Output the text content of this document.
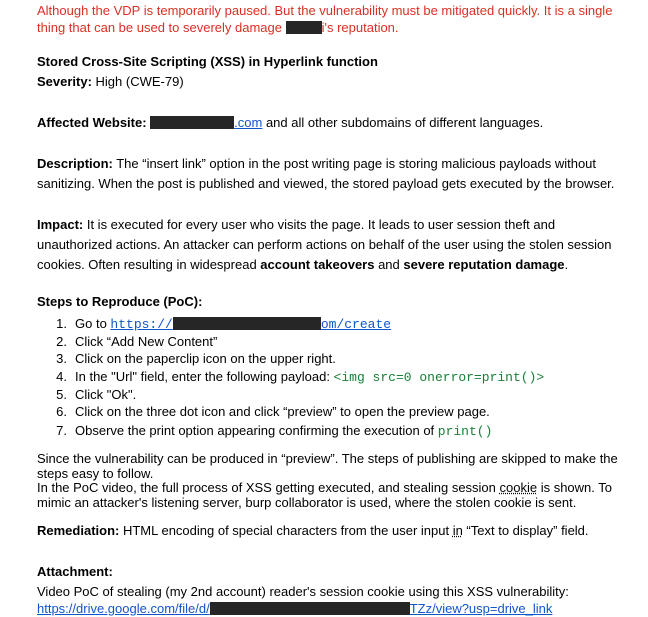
Although the VDP is temporarily paused. But the vulnerability must be mitigated quickly. It is a single
thing that can be used to severely damage	i's reputation.
Stored Cross-Site Scripting (XSS) in Hyperlink function
Severity: High (CWE-79)
Affected Website:	.com and all other subdomains of different languages.
Description: The “insert link” option in the post writing page is storing malicious payloads without
sanitizing. When the post is published and viewed, the stored payload gets executed by the browser.
Impact: It is executed for every user who visits the page. It leads to user session theft and
unauthorized actions. An attacker can perform actions on behalf of the user using the stolen session
cookies. Often resulting in widespread account takeovers and severe reputation damage.
Steps to Reproduce (PoC):
1. Go to https://	om/create
2. Click “Add New Content”
3. Click on the paperclip icon on the upper right.
4. In the "Url" field, enter the following payload: <img src=0 onerror=print()>
5. Click "Ok".
6. Click on the three dot icon and click “preview” to open the preview page.
7. Observe the print option appearing confirming the execution of print()
Since the vulnerability can be produced in “preview”. The steps of publishing are skipped to make the
steps easy to follow.
In the PoC video, the full process of XSS getting executed, and stealing session cookie is shown. To
mimic an attacker's listening server, burp collaborator is used, where the stolen cookie is sent.
Remediation: HTML encoding of special characters from the user input in “Text to display” field.
Attachment:
Video PoC of stealing (my 2nd account) reader's session cookie using this XSS vulnerability:
https://drive.google.com/file/d/	TZz/view?usp=drive_link
